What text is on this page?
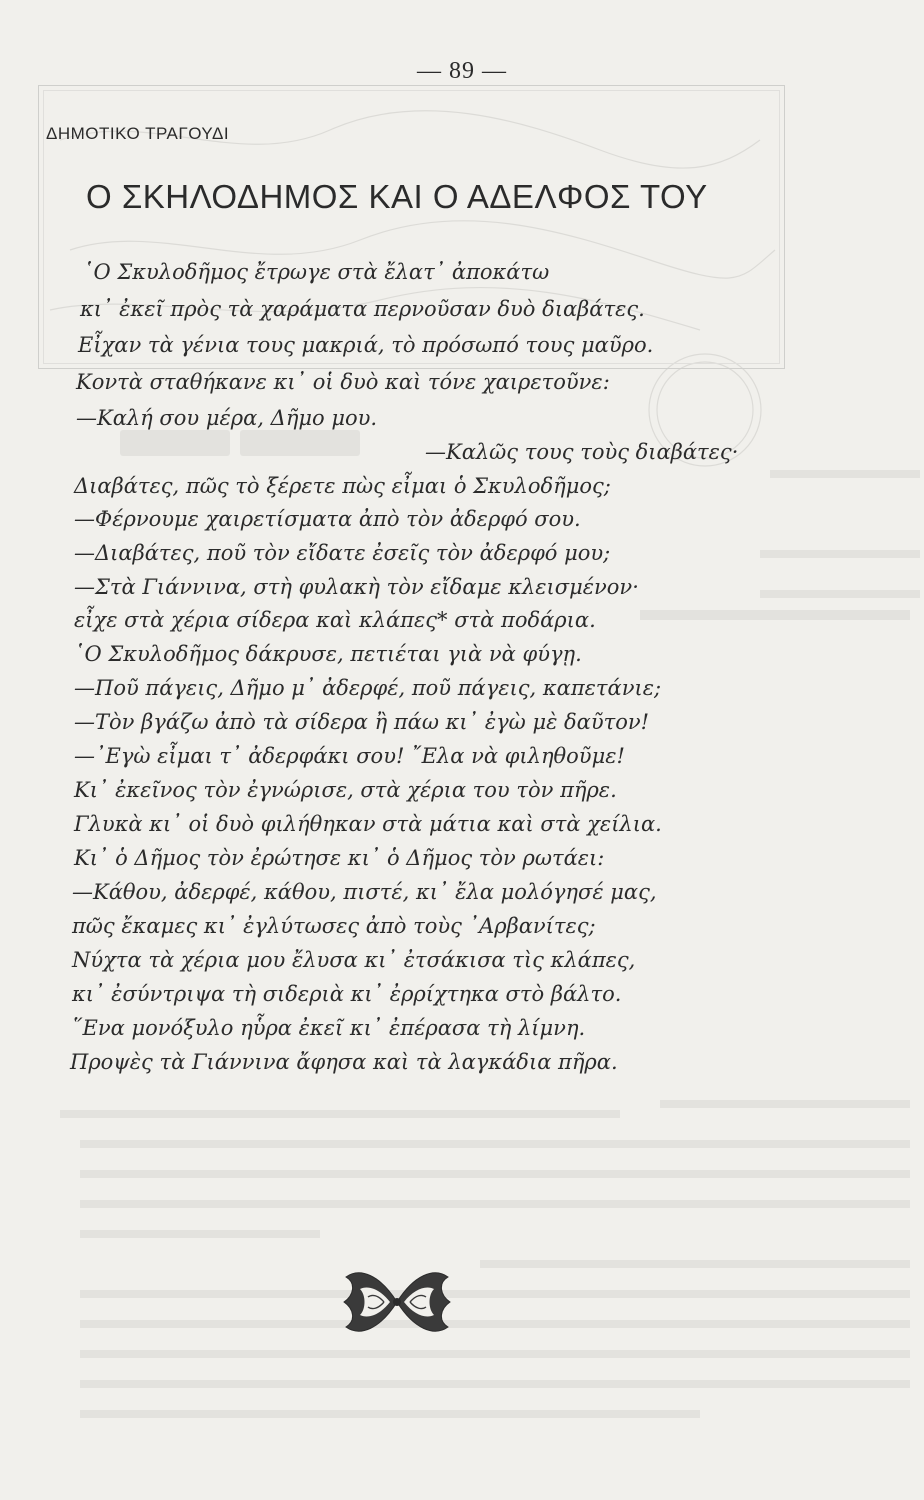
— 89 —
ΔΗΜΟΤΙΚΟ ΤΡΑΓΟΥΔΙ
Ο ΣΚΗΛΟΔΗΜΟΣ ΚΑΙ Ο ΑΔΕΛΦΟΣ ΤΟΥ
῾Ο Σκυλοδῆμος ἔτρωγε στὰ ἔλατ᾽ ἀποκάτω
κι᾽ ἐκεῖ πρὸς τὰ χαράματα περνοῦσαν δυὸ διαβάτες.
Εἶχαν τὰ γένια τους μακριά, τὸ πρόσωπό τους μαῦρο.
Κοντὰ σταθήκανε κι᾽ οἱ δυὸ καὶ τόνε χαιρετοῦνε:
—Καλή σου μέρα, Δῆμο μου.
—Καλῶς τους τοὺς διαβάτες·
Διαβάτες, πῶς τὸ ξέρετε πὼς εἶμαι ὁ Σκυλοδῆμος;
—Φέρνουμε χαιρετίσματα ἀπὸ τὸν ἀδερφό σου.
—Διαβάτες, ποῦ τὸν εἴδατε ἐσεῖς τὸν ἀδερφό μου;
—Στὰ Γιάννινα, στὴ φυλακὴ τὸν εἴδαμε κλεισμένον·
εἶχε στὰ χέρια σίδερα καὶ κλάπες* στὰ ποδάρια.
῾Ο Σκυλοδῆμος δάκρυσε, πετιέται γιὰ νὰ φύγῃ.
—Ποῦ πάγεις, Δῆμο μ᾽ ἀδερφέ, ποῦ πάγεις, καπετάνιε;
—Τὸν βγάζω ἀπὸ τὰ σίδερα ἢ πάω κι᾽ ἐγὼ μὲ δαῦτον!
—᾽Εγὼ εἶμαι τ᾽ ἀδερφάκι σου! ῎Ελα νὰ φιληθοῦμε!
Κι᾽ ἐκεῖνος τὸν ἐγνώρισε, στὰ χέρια του τὸν πῆρε.
Γλυκὰ κι᾽ οἱ δυὸ φιλήθηκαν στὰ μάτια καὶ στὰ χείλια.
Κι᾽ ὁ Δῆμος τὸν ἐρώτησε κι᾽ ὁ Δῆμος τὸν ρωτάει:
—Κάθου, ἀδερφέ, κάθου, πιστέ, κι᾽ ἔλα μολόγησέ μας,
πῶς ἔκαμες κι᾽ ἐγλύτωσες ἀπὸ τοὺς ᾽Αρβανίτες;
Νύχτα τὰ χέρια μου ἔλυσα κι᾽ ἐτσάκισα τὶς κλάπες,
κι᾽ ἐσύντριψα τὴ σιδεριὰ κι᾽ ἐρρίχτηκα στὸ βάλτο.
῞Ενα μονόξυλο ηὗρα ἐκεῖ κι᾽ ἐπέρασα τὴ λίμνη.
Προψὲς τὰ Γιάννινα ἄφησα καὶ τὰ λαγκάδια πῆρα.
